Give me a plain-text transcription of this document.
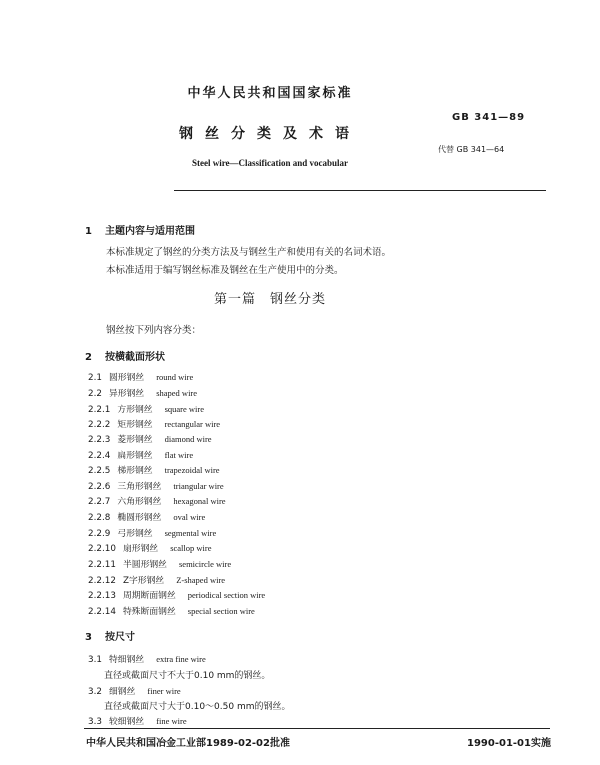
中华人民共和国国家标准
GB 341—89
钢丝分类及术语
代替 GB 341—64
Steel wire—Classification and vocabular
1 主题内容与适用范围
本标准规定了钢丝的分类方法及与钢丝生产和使用有关的名词术语。
本标准适用于编写钢丝标准及钢丝在生产使用中的分类。
第一篇　钢丝分类
钢丝按下列内容分类：
2 按横截面形状
2.1 圆形钢丝 round wire
2.2 异形钢丝 shaped wire
2.2.1 方形钢丝 square wire
2.2.2 矩形钢丝 rectangular wire
2.2.3 菱形钢丝 diamond wire
2.2.4 扁形钢丝 flat wire
2.2.5 梯形钢丝 trapezoidal wire
2.2.6 三角形钢丝 triangular wire
2.2.7 六角形钢丝 hexagonal wire
2.2.8 椭圆形钢丝 oval wire
2.2.9 弓形钢丝 segmental wire
2.2.10 扇形钢丝 scallop wire
2.2.11 半圆形钢丝 semicircle wire
2.2.12 Z字形钢丝 Z-shaped wire
2.2.13 周期断面钢丝 periodical section wire
2.2.14 特殊断面钢丝 special section wire
3 按尺寸
3.1 特细钢丝 extra fine wire
直径或截面尺寸不大于0.10 mm的钢丝。
3.2 细钢丝 finer wire
直径或截面尺寸大于0.10～0.50 mm的钢丝。
3.3 较细钢丝 fine wire
中华人民共和国冶金工业部1989-02-02批准	1990-01-01实施
